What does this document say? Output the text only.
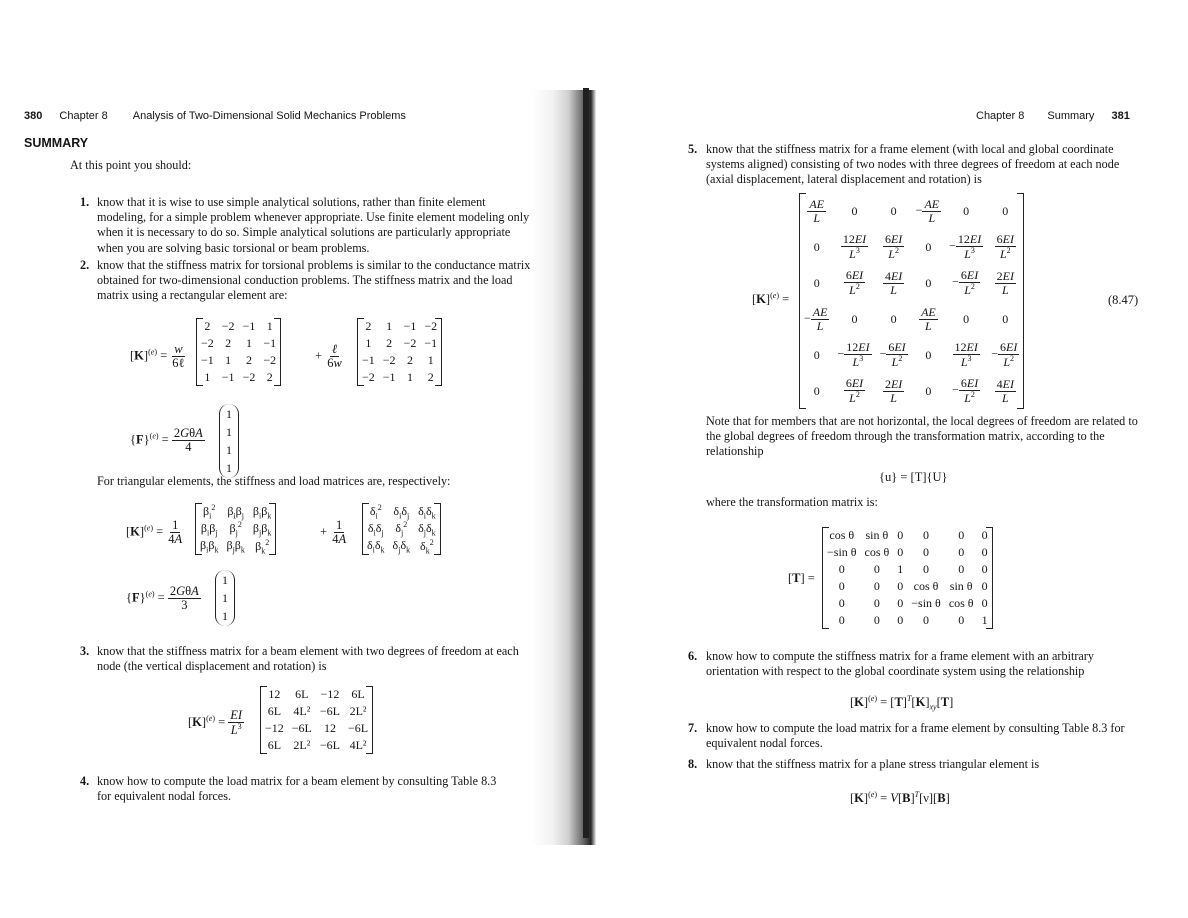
380 Chapter 8 Analysis of Two-Dimensional Solid Mechanics Problems
SUMMARY
At this point you should:
1. know that it is wise to use simple analytical solutions, rather than finite element modeling, for a simple problem whenever appropriate. Use finite element modeling only when it is necessary to do so. Simple analytical solutions are particularly appropriate when you are solving basic torsional or beam problems.
2. know that the stiffness matrix for torsional problems is similar to the conductance matrix obtained for two-dimensional conduction problems. The stiffness matrix and the load matrix using a rectangular element are:
$[K]^{(e)} = \frac{w}{\text{6ℓ}}$
2	−2	−1	1
−2	2	1	−1
−1	1	2	−2
1	−1	−2	2
+ $\frac{\text{ℓ}}{6w}$
2	1	−1	−2
1	2	−2	−1
−1	−2	2	1
−2	−1	1	2
$\{F\}^{(e)} = \frac{\text{2GθA}}{4}$
1
1
1
1
For triangular elements, the stiffness and load matrices are, respectively:
$[K]^{(e)} = \frac{1}{4A}$
$\beta_i^2$	$\beta_i\beta_j$	$\beta_i\beta_k$
$\beta_i\beta_j$	$\beta_j^2$	$\beta_j\beta_k$
$\beta_i\beta_k$	$\beta_j\beta_k$	$\beta_k^2$
+ $\frac{1}{4A}$
$\delta_i^2$	$\delta_i\delta_j$	$\delta_i\delta_k$
$\delta_i\delta_j$	$\delta_j^2$	$\delta_j\delta_k$
$\delta_i\delta_k$	$\delta_j\delta_k$	$\delta_k^2$
$\{F\}^{(e)} = \frac{\text{2GθA}}{3}$
1
1
1
3. know that the stiffness matrix for a beam element with two degrees of freedom at each node (the vertical displacement and rotation) is
$[K]^{(e)} = \frac{EI}{L^3}$
12	6L	−12	6L
6L	4L²	−6L	2L²
−12	−6L	12	−6L
6L	2L²	−6L	4L²
4. know how to compute the load matrix for a beam element by consulting Table 8.3 for equivalent nodal forces.
Chapter 8 Summary 381
5. know that the stiffness matrix for a frame element (with local and global coordinate systems aligned) consisting of two nodes with three degrees of freedom at each node (axial displacement, lateral displacement and rotation) is
$[K]^{(e)}$ =
$\frac{AE}{L}$	0	0	− $\frac{AE}{L}$	0	0
0	$\frac{12EI}{L^3}$	$\frac{6EI}{L^2}$	0	− $\frac{12EI}{L^3}$	$\frac{6EI}{L^2}$

0	$\frac{6EI}{L^2}$	$\frac{4EI}{L}$	0	− $\frac{6EI}{L^2}$	$\frac{2EI}{L}$

− $\frac{AE}{L}$	0	0	$\frac{AE}{L}$	0	0
0	− $\frac{12EI}{L^3}$	− $\frac{6EI}{L^2}$	0	$\frac{12EI}{L^3}$	− $\frac{6EI}{L^2}$

0	$\frac{6EI}{L^2}$	$\frac{2EI}{L}$	0	− $\frac{6EI}{L^2}$	$\frac{4EI}{L}$
(8.47)
Note that for members that are not horizontal, the local degrees of freedom are related to the global degrees of freedom through the transformation matrix, according to the relationship
{u} = [T]{U}
where the transformation matrix is:
[T] =
cos θ	sin θ	0	0	0	0
−sin θ	cos θ	0	0	0	0
0	0	1	0	0	0
0	0	0	cos θ	sin θ	0
0	0	0	−sin θ	cos θ	0
0	0	0	0	0	1
6. know how to compute the stiffness matrix for a frame element with an arbitrary orientation with respect to the global coordinate system using the relationship
$[K]^{(e)} = [T]^T[K]_{xy}[T]$
7. know how to compute the load matrix for a frame element by consulting Table 8.3 for equivalent nodal forces.
8. know that the stiffness matrix for a plane stress triangular element is
$[K]^{(e)} = V[B]^T[\nu][B]$
